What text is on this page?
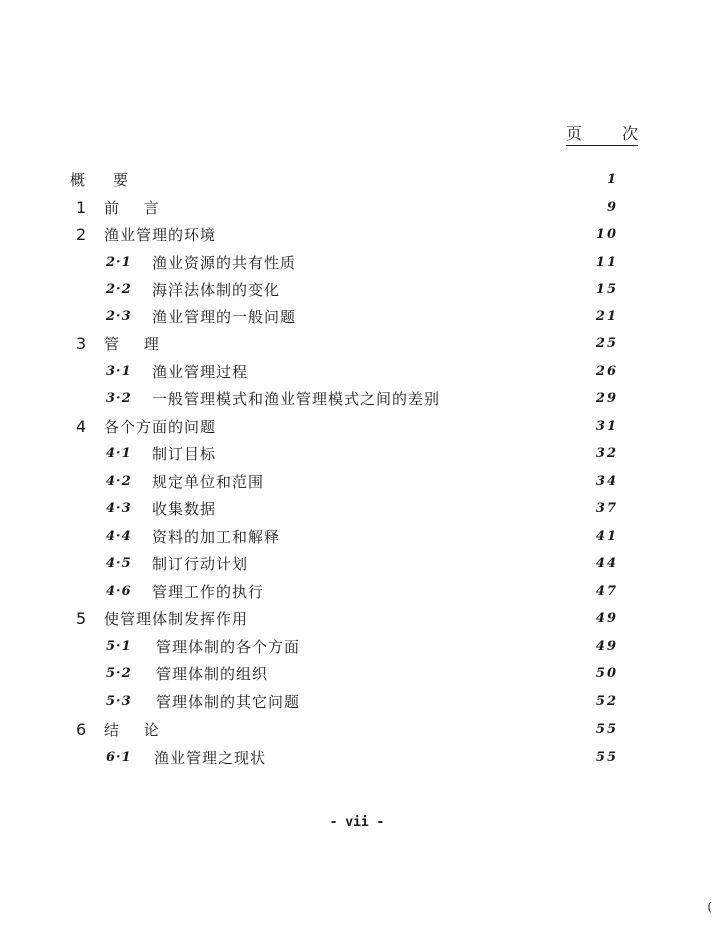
页 次
概要	1
1 前 言	9
2 渔业管理的环境	10
2·1 渔业资源的共有性质	11
2·2 海洋法体制的变化	15
2·3 渔业管理的一般问题	21
3 管 理	25
3·1 渔业管理过程	26
3·2 一般管理模式和渔业管理模式之间的差别	29
4 各个方面的问题	31
4·1 制订目标	32
4·2 规定单位和范围	34
4·3 收集数据	37
4·4 资料的加工和解释	41
4·5 制订行动计划	44
4·6 管理工作的执行	47
5 使管理体制发挥作用	49
5·1 管理体制的各个方面	49
5·2 管理体制的组织	50
5·3 管理体制的其它问题	52
6 结 论	55
6·1 渔业管理之现状	55
- vii -
(
